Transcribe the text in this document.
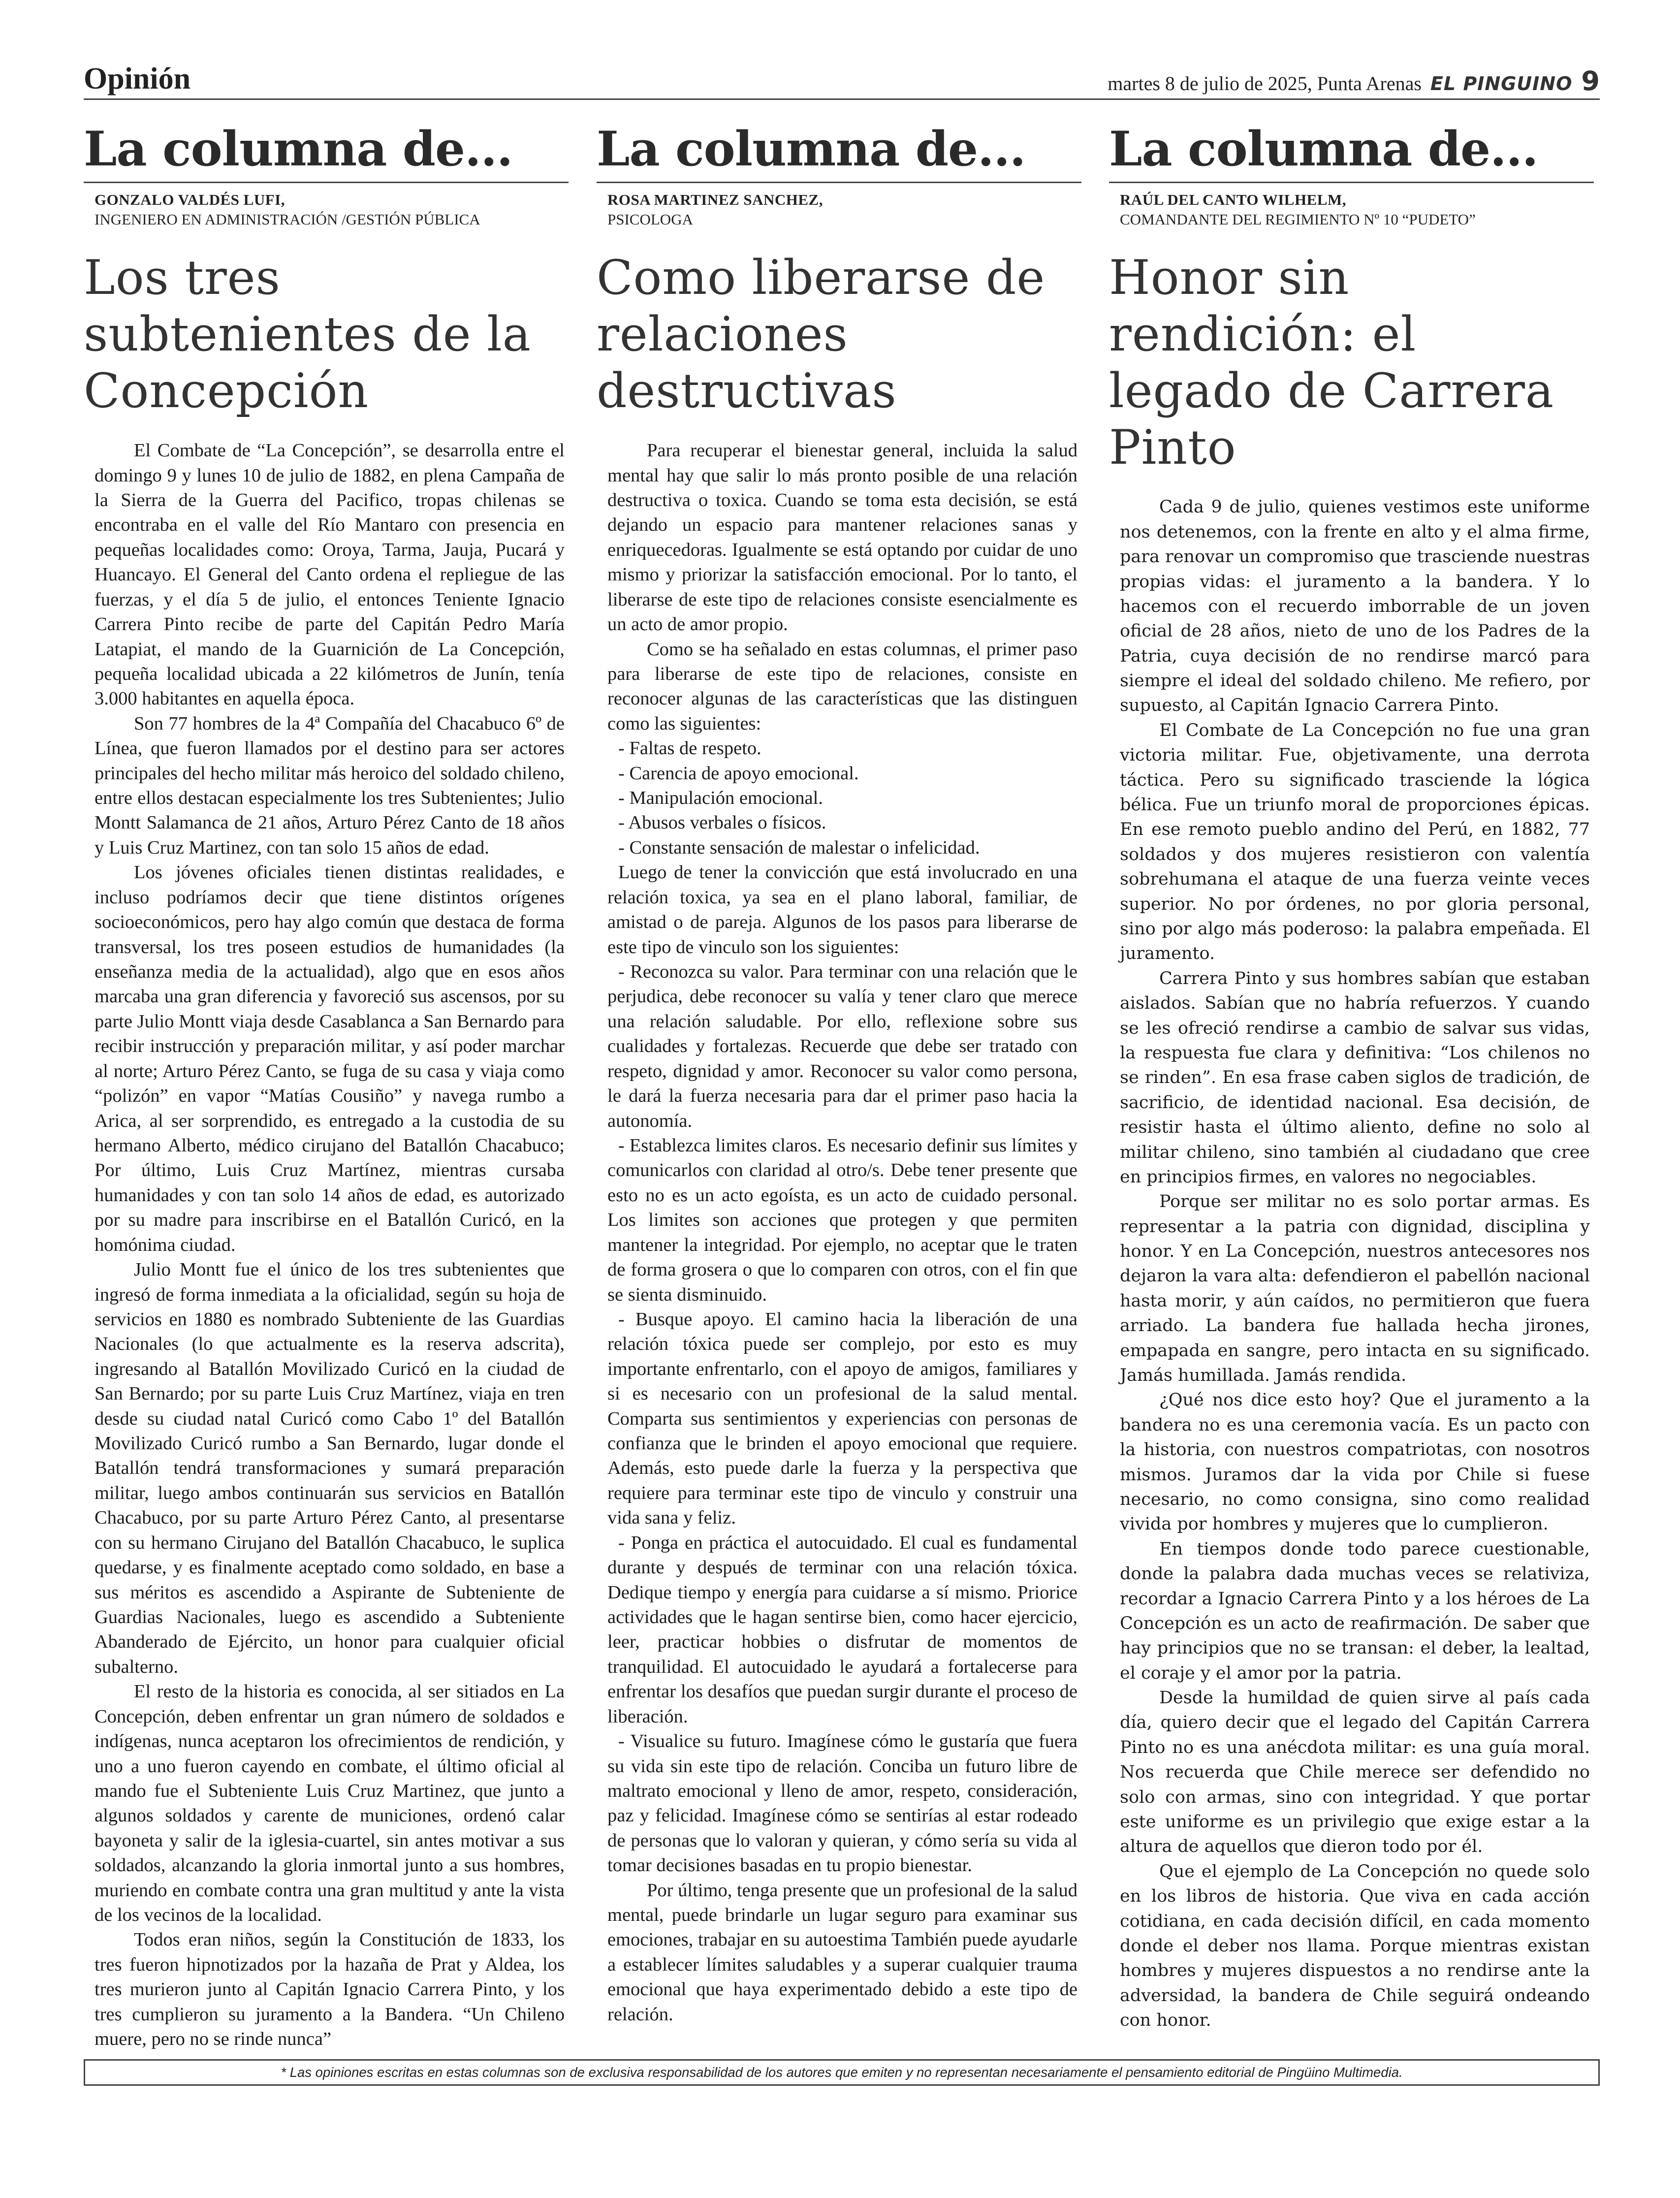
Opinión	martes 8 de julio de 2025, Punta Arenas EL PINGUINO 9
La columna de...
GONZALO VALDÉS LUFI,
INGENIERO EN ADMINISTRACIÓN /GESTIÓN PÚBLICA
Los tres subtenientes de la Concepción

El Combate de “La Concepción”, se desarrolla entre el domingo 9 y lunes 10 de julio de 1882, en plena Campaña de la Sierra de la Guerra del Pacifico, tropas chilenas se encontraba en el valle del Río Mantaro con presencia en pequeñas localidades como: Oroya, Tarma, Jauja, Pucará y Huancayo. El General del Canto ordena el repliegue de las fuerzas, y el día 5 de julio, el entonces Teniente Ignacio Carrera Pinto recibe de parte del Capitán Pedro María Latapiat, el mando de la Guarnición de La Concepción, pequeña localidad ubicada a 22 kilómetros de Junín, tenía 3.000 habitantes en aquella época.

Son 77 hombres de la 4ª Compañía del Chacabuco 6º de Línea, que fueron llamados por el destino para ser actores principales del hecho militar más heroico del soldado chileno, entre ellos destacan especialmente los tres Subtenientes; Julio Montt Salamanca de 21 años, Arturo Pérez Canto de 18 años y Luis Cruz Martinez, con tan solo 15 años de edad.

Los jóvenes oficiales tienen distintas realidades, e incluso podríamos decir que tiene distintos orígenes socioeconómicos, pero hay algo común que destaca de forma transversal, los tres poseen estudios de humanidades (la enseñanza media de la actualidad), algo que en esos años marcaba una gran diferencia y favoreció sus ascensos, por su parte Julio Montt viaja desde Casablanca a San Bernardo para recibir instrucción y preparación militar, y así poder marchar al norte; Arturo Pérez Canto, se fuga de su casa y viaja como “polizón” en vapor “Matías Cousiño” y navega rumbo a Arica, al ser sorprendido, es entregado a la custodia de su hermano Alberto, médico cirujano del Batallón Chacabuco; Por último, Luis Cruz Martínez, mientras cursaba humanidades y con tan solo 14 años de edad, es autorizado por su madre para inscribirse en el Batallón Curicó, en la homónima ciudad.

Julio Montt fue el único de los tres subtenientes que ingresó de forma inmediata a la oficialidad, según su hoja de servicios en 1880 es nombrado Subteniente de las Guardias Nacionales (lo que actualmente es la reserva adscrita), ingresando al Batallón Movilizado Curicó en la ciudad de San Bernardo; por su parte Luis Cruz Martínez, viaja en tren desde su ciudad natal Curicó como Cabo 1º del Batallón Movilizado Curicó rumbo a San Bernardo, lugar donde el Batallón tendrá transformaciones y sumará preparación militar, luego ambos continuarán sus servicios en Batallón Chacabuco, por su parte Arturo Pérez Canto, al presentarse con su hermano Cirujano del Batallón Chacabuco, le suplica quedarse, y es finalmente aceptado como soldado, en base a sus méritos es ascendido a Aspirante de Subteniente de Guardias Nacionales, luego es ascendido a Subteniente Abanderado de Ejército, un honor para cualquier oficial subalterno.

El resto de la historia es conocida, al ser sitiados en La Concepción, deben enfrentar un gran número de soldados e indígenas, nunca aceptaron los ofrecimientos de rendición, y uno a uno fueron cayendo en combate, el último oficial al mando fue el Subteniente Luis Cruz Martinez, que junto a algunos soldados y carente de municiones, ordenó calar bayoneta y salir de la iglesia-cuartel, sin antes motivar a sus soldados, alcanzando la gloria inmortal junto a sus hombres, muriendo en combate contra una gran multitud y ante la vista de los vecinos de la localidad.

Todos eran niños, según la Constitución de 1833, los tres fueron hipnotizados por la hazaña de Prat y Aldea, los tres murieron junto al Capitán Ignacio Carrera Pinto, y los tres cumplieron su juramento a la Bandera. “Un Chileno muere, pero no se rinde nunca”

La columna de...
ROSA MARTINEZ SANCHEZ,
PSICOLOGA
Como liberarse de relaciones destructivas

Para recuperar el bienestar general, incluida la salud mental hay que salir lo más pronto posible de una relación destructiva o toxica. Cuando se toma esta decisión, se está dejando un espacio para mantener relaciones sanas y enriquecedoras. Igualmente se está optando por cuidar de uno mismo y priorizar la satisfacción emocional. Por lo tanto, el liberarse de este tipo de relaciones consiste esencialmente es un acto de amor propio.

Como se ha señalado en estas columnas, el primer paso para liberarse de este tipo de relaciones, consiste en reconocer algunas de las características que las distinguen como las siguientes:

- Faltas de respeto.

- Carencia de apoyo emocional.

- Manipulación emocional.

- Abusos verbales o físicos.

- Constante sensación de malestar o infelicidad.

Luego de tener la convicción que está involucrado en una relación toxica, ya sea en el plano laboral, familiar, de amistad o de pareja. Algunos de los pasos para liberarse de este tipo de vinculo son los siguientes:

- Reconozca su valor. Para terminar con una relación que le perjudica, debe reconocer su valía y tener claro que merece una relación saludable. Por ello, reflexione sobre sus cualidades y fortalezas. Recuerde que debe ser tratado con respeto, dignidad y amor. Reconocer su valor como persona, le dará la fuerza necesaria para dar el primer paso hacia la autonomía.

- Establezca limites claros. Es necesario definir sus límites y comunicarlos con claridad al otro/s. Debe tener presente que esto no es un acto egoísta, es un acto de cuidado personal. Los limites son acciones que protegen y que permiten mantener la integridad. Por ejemplo, no aceptar que le traten de forma grosera o que lo comparen con otros, con el fin que se sienta disminuido.

- Busque apoyo. El camino hacia la liberación de una relación tóxica puede ser complejo, por esto es muy importante enfrentarlo, con el apoyo de amigos, familiares y si es necesario con un profesional de la salud mental. Comparta sus sentimientos y experiencias con personas de confianza que le brinden el apoyo emocional que requiere. Además, esto puede darle la fuerza y la perspectiva que requiere para terminar este tipo de vinculo y construir una vida sana y feliz.

- Ponga en práctica el autocuidado. El cual es fundamental durante y después de terminar con una relación tóxica. Dedique tiempo y energía para cuidarse a sí mismo. Priorice actividades que le hagan sentirse bien, como hacer ejercicio, leer, practicar hobbies o disfrutar de momentos de tranquilidad. El autocuidado le ayudará a fortalecerse para enfrentar los desafíos que puedan surgir durante el proceso de liberación.

- Visualice su futuro. Imagínese cómo le gustaría que fuera su vida sin este tipo de relación. Conciba un futuro libre de maltrato emocional y lleno de amor, respeto, consideración, paz y felicidad. Imagínese cómo se sentirías al estar rodeado de personas que lo valoran y quieran, y cómo sería su vida al tomar decisiones basadas en tu propio bienestar.

Por último, tenga presente que un profesional de la salud mental, puede brindarle un lugar seguro para examinar sus emociones, trabajar en su autoestima También puede ayudarle a establecer límites saludables y a superar cualquier trauma emocional que haya experimentado debido a este tipo de relación.

La columna de...
RAÚL DEL CANTO WILHELM,
COMANDANTE DEL REGIMIENTO Nº 10 “PUDETO”
Honor sin rendición: el legado de Carrera Pinto

Cada 9 de julio, quienes vestimos este uniforme nos detenemos, con la frente en alto y el alma firme, para renovar un compromiso que trasciende nuestras propias vidas: el juramento a la bandera. Y lo hacemos con el recuerdo imborrable de un joven oficial de 28 años, nieto de uno de los Padres de la Patria, cuya decisión de no rendirse marcó para siempre el ideal del soldado chileno. Me refiero, por supuesto, al Capitán Ignacio Carrera Pinto.

El Combate de La Concepción no fue una gran victoria militar. Fue, objetivamente, una derrota táctica. Pero su significado trasciende la lógica bélica. Fue un triunfo moral de proporciones épicas. En ese remoto pueblo andino del Perú, en 1882, 77 soldados y dos mujeres resistieron con valentía sobrehumana el ataque de una fuerza veinte veces superior. No por órdenes, no por gloria personal, sino por algo más poderoso: la palabra empeñada. El juramento.

Carrera Pinto y sus hombres sabían que estaban aislados. Sabían que no habría refuerzos. Y cuando se les ofreció rendirse a cambio de salvar sus vidas, la respuesta fue clara y definitiva: “Los chilenos no se rinden”. En esa frase caben siglos de tradición, de sacrificio, de identidad nacional. Esa decisión, de resistir hasta el último aliento, define no solo al militar chileno, sino también al ciudadano que cree en principios firmes, en valores no negociables.

Porque ser militar no es solo portar armas. Es representar a la patria con dignidad, disciplina y honor. Y en La Concepción, nuestros antecesores nos dejaron la vara alta: defendieron el pabellón nacional hasta morir, y aún caídos, no permitieron que fuera arriado. La bandera fue hallada hecha jirones, empapada en sangre, pero intacta en su significado. Jamás humillada. Jamás rendida.

¿Qué nos dice esto hoy? Que el juramento a la bandera no es una ceremonia vacía. Es un pacto con la historia, con nuestros compatriotas, con nosotros mismos. Juramos dar la vida por Chile si fuese necesario, no como consigna, sino como realidad vivida por hombres y mujeres que lo cumplieron.

En tiempos donde todo parece cuestionable, donde la palabra dada muchas veces se relativiza, recordar a Ignacio Carrera Pinto y a los héroes de La Concepción es un acto de reafirmación. De saber que hay principios que no se transan: el deber, la lealtad, el coraje y el amor por la patria.

Desde la humildad de quien sirve al país cada día, quiero decir que el legado del Capitán Carrera Pinto no es una anécdota militar: es una guía moral. Nos recuerda que Chile merece ser defendido no solo con armas, sino con integridad. Y que portar este uniforme es un privilegio que exige estar a la altura de aquellos que dieron todo por él.

Que el ejemplo de La Concepción no quede solo en los libros de historia. Que viva en cada acción cotidiana, en cada decisión difícil, en cada momento donde el deber nos llama. Porque mientras existan hombres y mujeres dispuestos a no rendirse ante la adversidad, la bandera de Chile seguirá ondeando con honor.

* Las opiniones escritas en estas columnas son de exclusiva responsabilidad de los autores que emiten y no representan necesariamente el pensamiento editorial de Pingüino Multimedia.
